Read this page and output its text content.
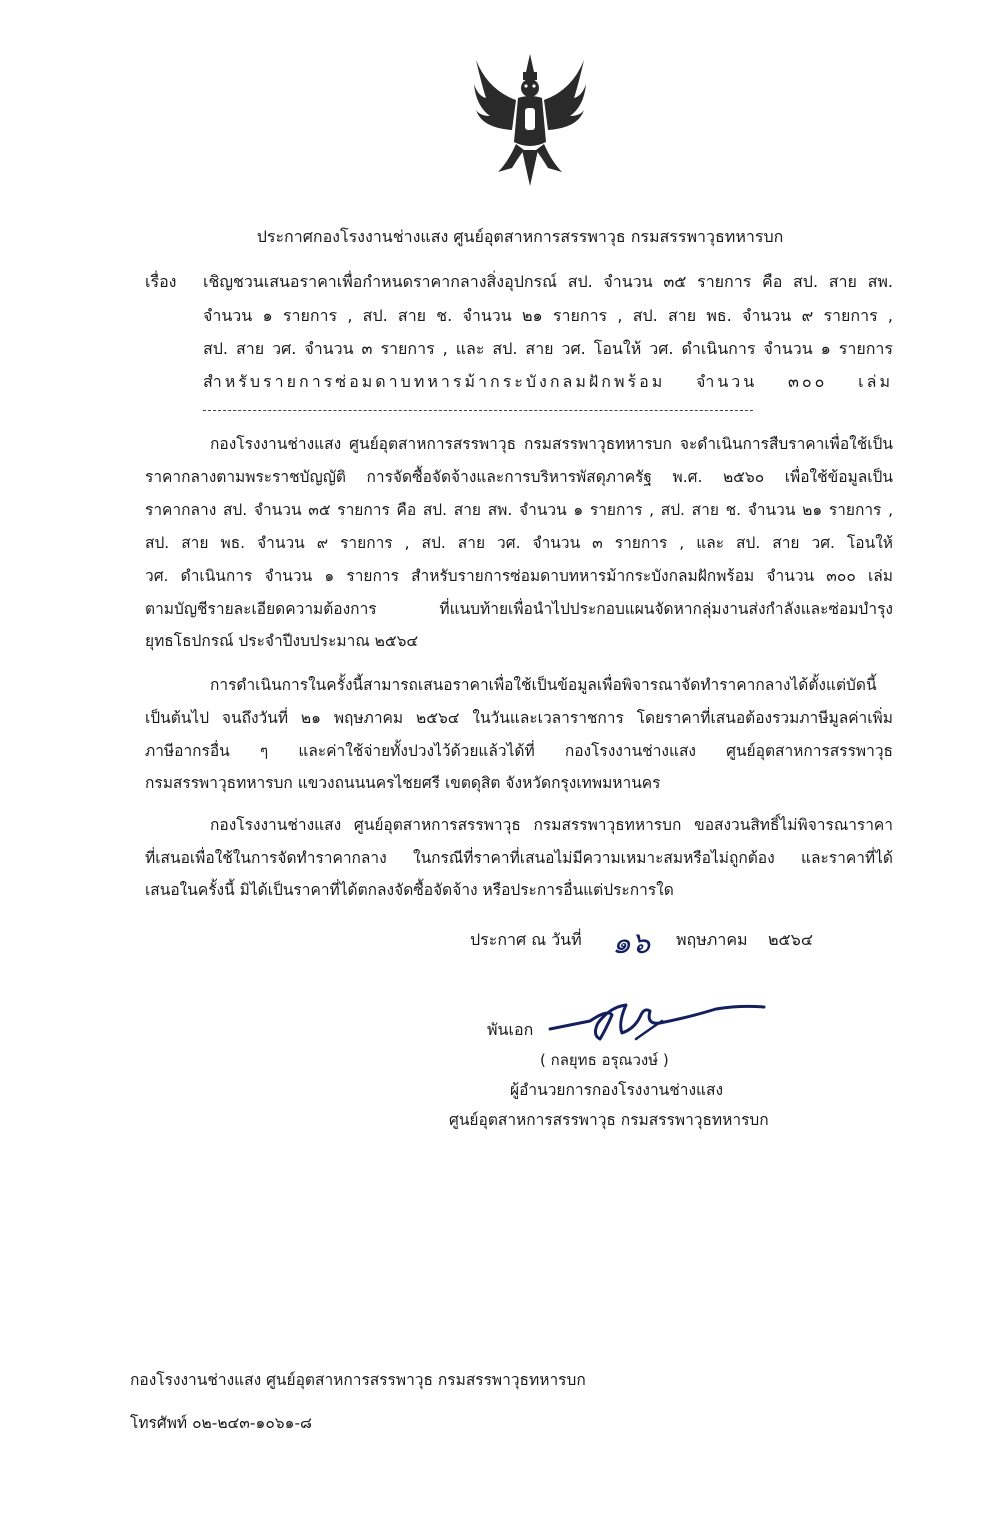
ประกาศกองโรงงานช่างแสง ศูนย์อุตสาหการสรรพาวุธ กรมสรรพาวุธทหารบก
เรื่อง เชิญชวนเสนอราคาเพื่อกำหนดราคากลางสิ่งอุปกรณ์ สป. จำนวน ๓๕ รายการ คือ สป. สาย สพ.
จำนวน ๑ รายการ , สป. สาย ช. จำนวน ๒๑ รายการ , สป. สาย พธ. จำนวน ๙ รายการ ,
สป. สาย วศ. จำนวน ๓ รายการ , และ สป. สาย วศ. โอนให้ วศ. ดำเนินการ จำนวน ๑ รายการ
สำหรับรายการซ่อมดาบทหารม้ากระบังกลมฝักพร้อม จำนวน ๓๐๐ เล่ม
กองโรงงานช่างแสง ศูนย์อุตสาหการสรรพาวุธ กรมสรรพาวุธทหารบก จะดำเนินการสืบราคาเพื่อใช้เป็น
ราคากลางตามพระราชบัญญัติ การจัดซื้อจัดจ้างและการบริหารพัสดุภาครัฐ พ.ศ. ๒๕๖๐ เพื่อใช้ข้อมูลเป็น
ราคากลาง สป. จำนวน ๓๕ รายการ คือ สป. สาย สพ. จำนวน ๑ รายการ , สป. สาย ช. จำนวน ๒๑ รายการ ,
สป. สาย พธ. จำนวน ๙ รายการ , สป. สาย วศ. จำนวน ๓ รายการ , และ สป. สาย วศ. โอนให้
วศ. ดำเนินการ จำนวน ๑ รายการ สำหรับรายการซ่อมดาบทหารม้ากระบังกลมฝักพร้อม จำนวน ๓๐๐ เล่ม
ตามบัญชีรายละเอียดความต้องการ ที่แนบท้ายเพื่อนำไปประกอบแผนจัดหากลุ่มงานส่งกำลังและซ่อมบำรุง
ยุทธโธปกรณ์ ประจำปีงบประมาณ ๒๕๖๔
การดำเนินการในครั้งนี้สามารถเสนอราคาเพื่อใช้เป็นข้อมูลเพื่อพิจารณาจัดทำราคากลางได้ตั้งแต่บัดนี้
เป็นต้นไป จนถึงวันที่ ๒๑ พฤษภาคม ๒๕๖๔ ในวันและเวลาราชการ โดยราคาที่เสนอต้องรวมภาษีมูลค่าเพิ่ม
ภาษีอากรอื่น ๆ และค่าใช้จ่ายทั้งปวงไว้ด้วยแล้วได้ที่ กองโรงงานช่างแสง ศูนย์อุตสาหการสรรพาวุธ
กรมสรรพาวุธทหารบก แขวงถนนนครไชยศรี เขตดุสิต จังหวัดกรุงเทพมหานคร
กองโรงงานช่างแสง ศูนย์อุตสาหการสรรพาวุธ กรมสรรพาวุธทหารบก ขอสงวนสิทธิ์ไม่พิจารณาราคา
ที่เสนอเพื่อใช้ในการจัดทำราคากลาง ในกรณีที่ราคาที่เสนอไม่มีความเหมาะสมหรือไม่ถูกต้อง และราคาที่ได้
เสนอในครั้งนี้ มิได้เป็นราคาที่ได้ตกลงจัดซื้อจัดจ้าง หรือประการอื่นแต่ประการใด
ประกาศ ณ วันที่ ๑๖ พฤษภาคม ๒๕๖๔
พันเอก
( กลยุทธ อรุณวงษ์ )
ผู้อำนวยการกองโรงงานช่างแสง
ศูนย์อุตสาหการสรรพาวุธ กรมสรรพาวุธทหารบก
กองโรงงานช่างแสง ศูนย์อุตสาหการสรรพาวุธ กรมสรรพาวุธทหารบก
โทรศัพท์ ๐๒-๒๔๓-๑๐๖๑-๘
